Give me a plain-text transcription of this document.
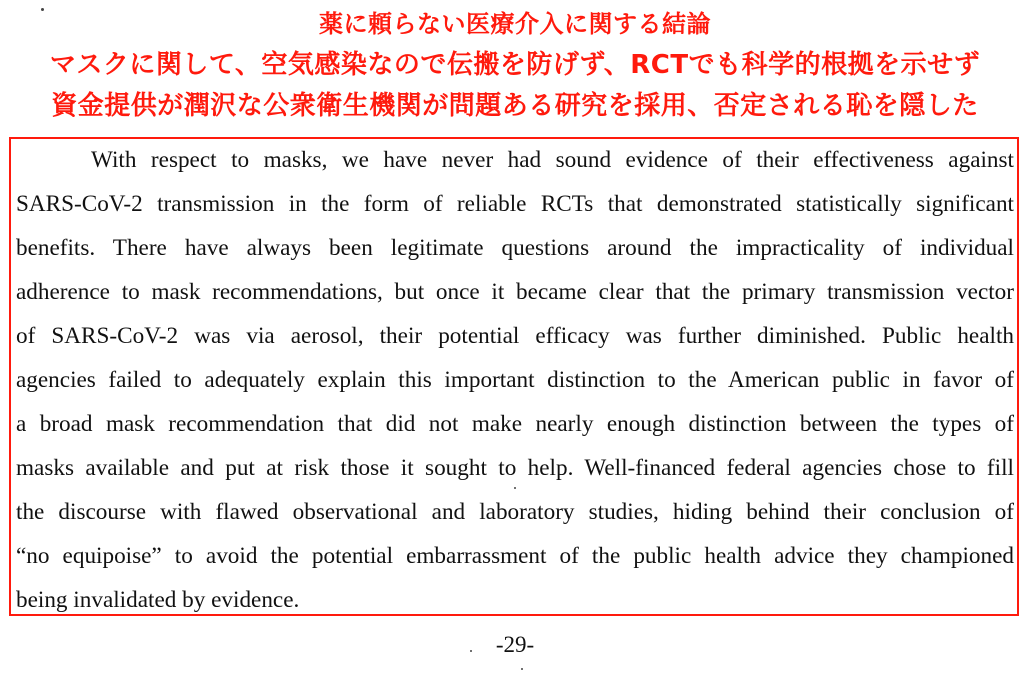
薬に頼らない医療介入に関する結論
マスクに関して、空気感染なので伝搬を防げず、RCTでも科学的根拠を示せず
資金提供が潤沢な公衆衛生機関が問題ある研究を採用、否定される恥を隠した
With respect to masks, we have never had sound evidence of their effectiveness against
SARS-CoV-2 transmission in the form of reliable RCTs that demonstrated statistically significant
benefits. There have always been legitimate questions around the impracticality of individual
adherence to mask recommendations, but once it became clear that the primary transmission vector
of SARS-CoV-2 was via aerosol, their potential efficacy was further diminished. Public health
agencies failed to adequately explain this important distinction to the American public in favor of
a broad mask recommendation that did not make nearly enough distinction between the types of
masks available and put at risk those it sought to help. Well-financed federal agencies chose to fill
the discourse with flawed observational and laboratory studies, hiding behind their conclusion of
“no equipoise” to avoid the potential embarrassment of the public health advice they championed
being invalidated by evidence.
-29-
